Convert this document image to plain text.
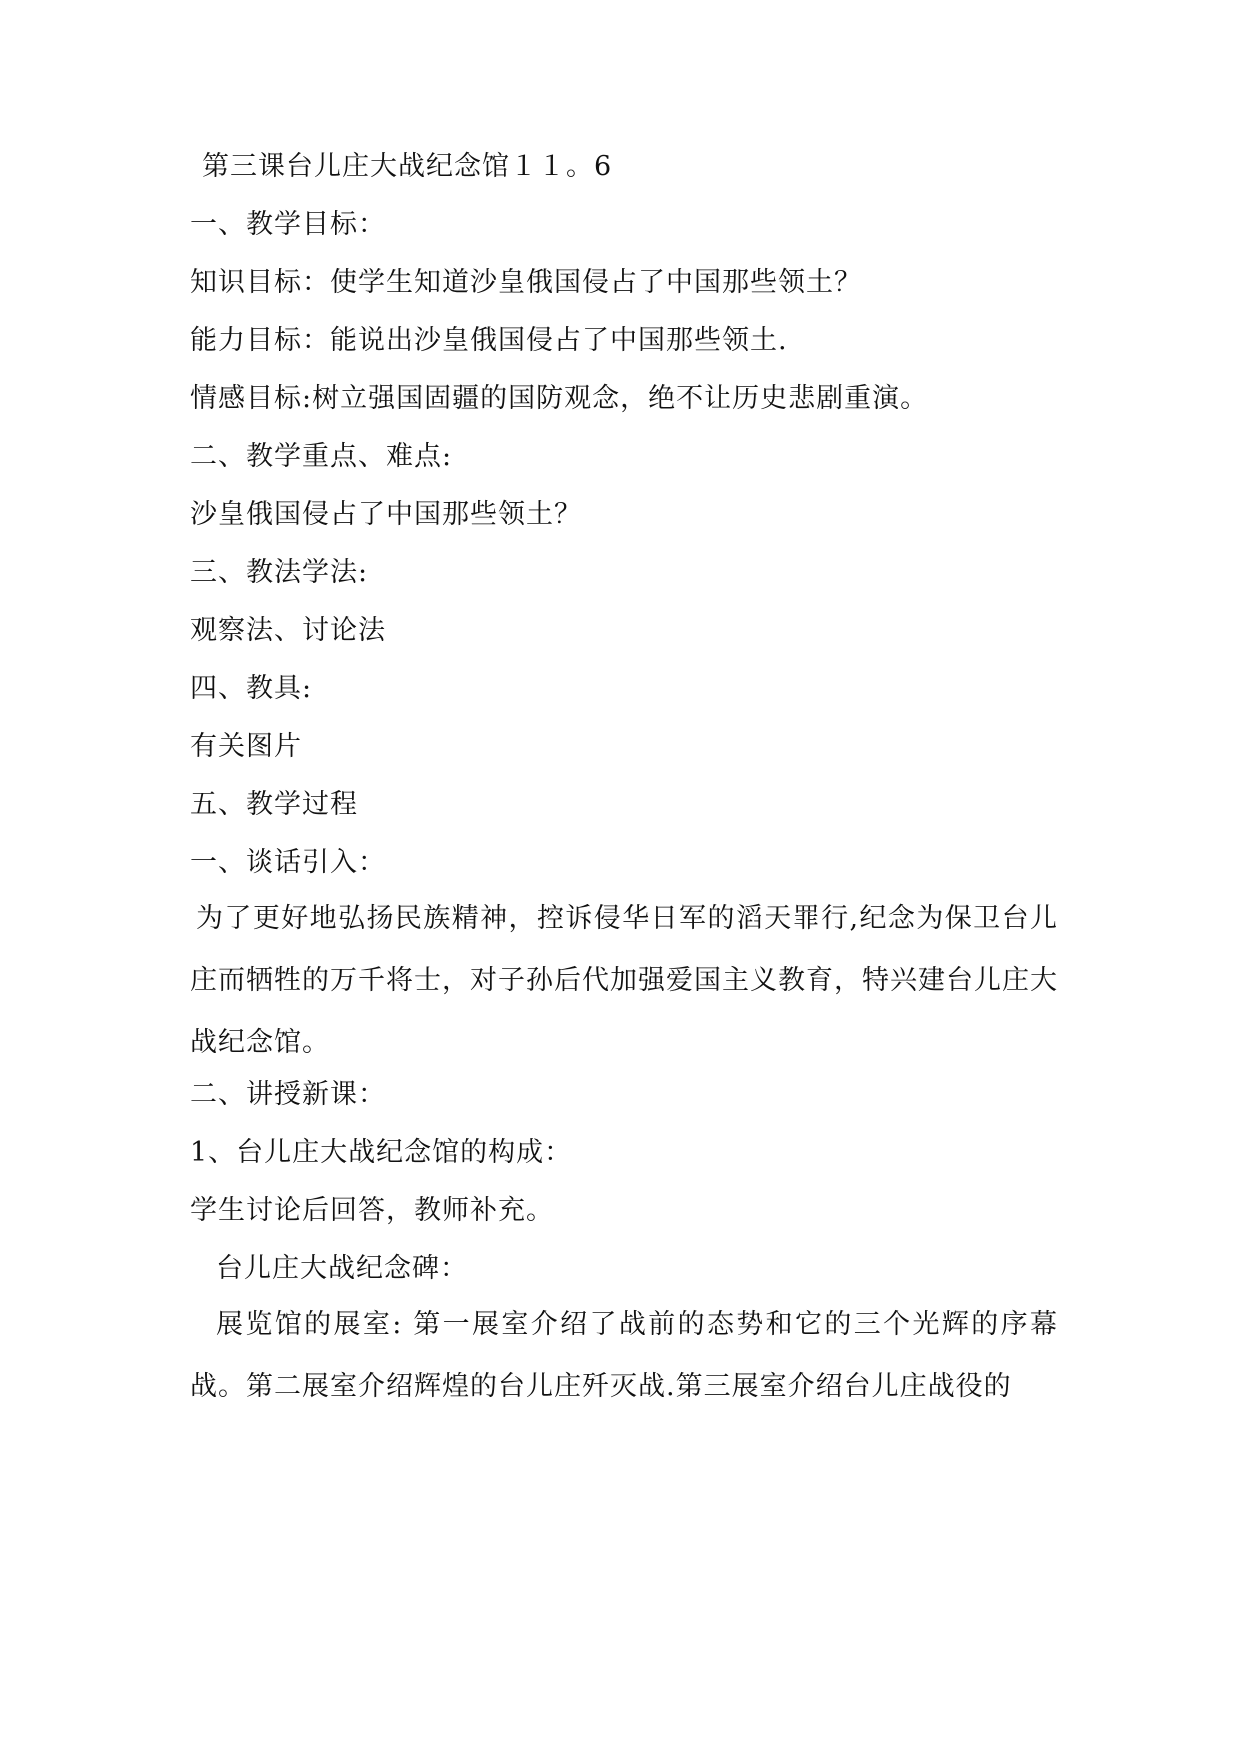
第三课台儿庄大战纪念馆１１。6
一、教学目标：
知识目标：使学生知道沙皇俄国侵占了中国那些领土？
能力目标：能说出沙皇俄国侵占了中国那些领土.
情感目标:树立强国固疆的国防观念，绝不让历史悲剧重演。
二、教学重点、难点:
沙皇俄国侵占了中国那些领土？
三、教法学法:
观察法、讨论法
四、教具:
有关图片
五、教学过程
一、谈话引入：
为了更好地弘扬民族精神，控诉侵华日军的滔天罪行,纪念为保卫台儿庄而牺牲的万千将士，对子孙后代加强爱国主义教育，特兴建台儿庄大战纪念馆。
二、讲授新课：
1、台儿庄大战纪念馆的构成：
学生讨论后回答，教师补充。
台儿庄大战纪念碑：
展览馆的展室: 第一展室介绍了战前的态势和它的三个光辉的序幕战。第二展室介绍辉煌的台儿庄歼灭战.第三展室介绍台儿庄战役的
